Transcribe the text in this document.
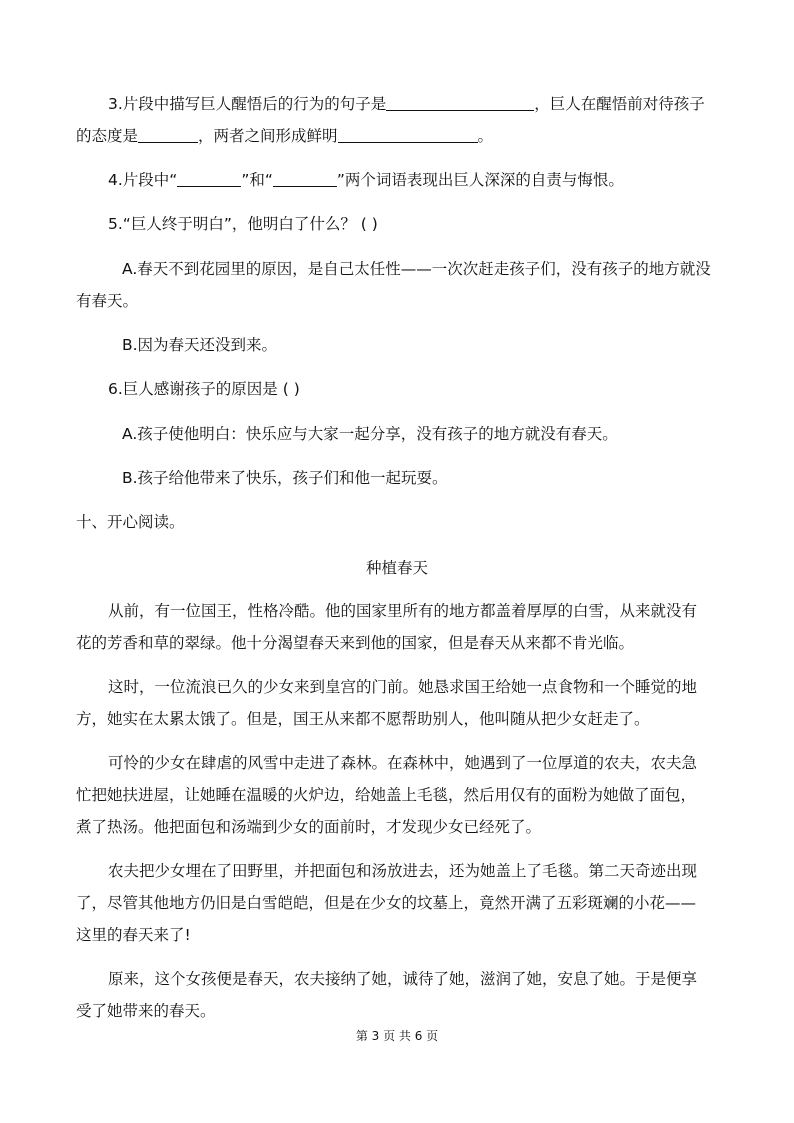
3.片段中描写巨人醒悟后的行为的句子是	，巨人在醒悟前对待孩子
的态度是	，两者之间形成鲜明	。
4.片段中“	”和“	”两个词语表现出巨人深深的自责与悔恨。
5.“巨人终于明白”，他明白了什么？ ( )
A.春天不到花园里的原因，是自己太任性——一次次赶走孩子们，没有孩子的地方就没
有春天。
B.因为春天还没到来。
6.巨人感谢孩子的原因是 ( )
A.孩子使他明白：快乐应与大家一起分享，没有孩子的地方就没有春天。
B.孩子给他带来了快乐，孩子们和他一起玩耍。
十、开心阅读。
种植春天
从前，有一位国王，性格冷酷。他的国家里所有的地方都盖着厚厚的白雪，从来就没有
花的芳香和草的翠绿。他十分渴望春天来到他的国家，但是春天从来都不肯光临。
这时，一位流浪已久的少女来到皇宫的门前。她恳求国王给她一点食物和一个睡觉的地
方，她实在太累太饿了。但是，国王从来都不愿帮助别人，他叫随从把少女赶走了。
可怜的少女在肆虐的风雪中走进了森林。在森林中，她遇到了一位厚道的农夫，农夫急
忙把她扶进屋，让她睡在温暖的火炉边，给她盖上毛毯，然后用仅有的面粉为她做了面包，
煮了热汤。他把面包和汤端到少女的面前时，才发现少女已经死了。
农夫把少女埋在了田野里，并把面包和汤放进去，还为她盖上了毛毯。第二天奇迹出现
了，尽管其他地方仍旧是白雪皑皑，但是在少女的坟墓上，竟然开满了五彩斑斓的小花——
这里的春天来了!
原来，这个女孩便是春天，农夫接纳了她，诚待了她，滋润了她，安息了她。于是便享
受了她带来的春天。
第 3 页 共 6 页
